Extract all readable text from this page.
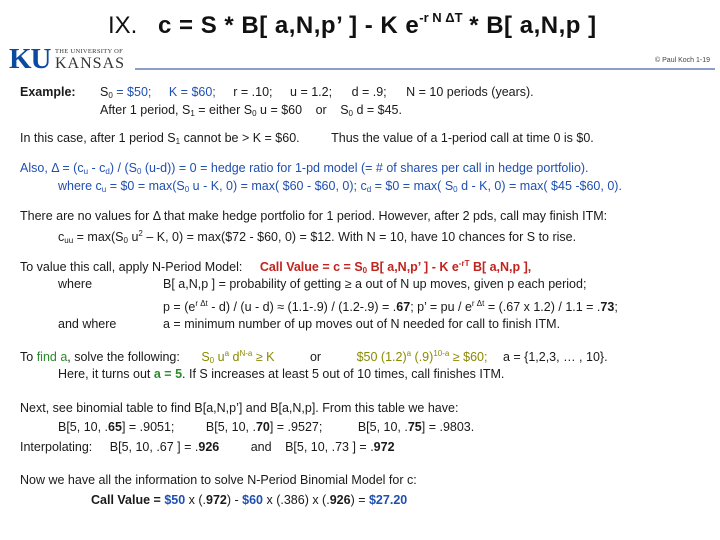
IX. c = S * B[ a,N,p’ ] - K $e^{-r N \Delta T} * B$[ a,N,p ]
KU THE UNIVERSITY OF
KANSAS	© Paul Koch 1-19
Example: $S_0$ = $50; K = $60; r = .10; u = 1.2; d = .9; N = 10 periods (years).
After 1 period, $S_1$ = either $S_0$ u = $60 or $S_0$ d = $45.
In this case, after 1 period $S_1$ cannot be > K = $60.	Thus the value of a 1-period call at time 0 is $0.
Also, $\Delta = (c_u - c_d) / (S_0$ (u-d)) = 0 = hedge ratio for 1-pd model (= # of shares per call in hedge portfolio).
where $c_u$ = $0 = $\max(S_0$ u - K, 0) = max( $60 - $60, 0); $c_d$ = $0 = max( $S_0$ d - K, 0) = max( $45 -$60, 0).
There are no values for Δ that make hedge portfolio for 1 period. However, after 2 pds, call may finish ITM:
$c_{uu} = \max(S_0$ $u^2$ – K, 0) = max($72 - $60, 0) = $12. With N = 10, have 10 chances for S to rise.
To value this call, apply N-Period Model: Call Value = $c = S_0$ B[ a,N,p’ ] - K $e^{-rT}$ B[ a,N,p ],
where	B[ a,N,p ] = probability of getting ≥ a out of N up moves, given p each period;
$p = (e^{r \Delta t} - d) / (u - d) \approx (1.1-.9) / (1.2-.9) = .67$; p’ = pu / $e^{r \Delta t} = (.67$ x 1.2) / 1.1 = .73;
and where	a = minimum number of up moves out of N needed for call to finish ITM.
To find a, solve the following: $S_0$ $u^a$ $d^{N-a} \ge K$	or	$50 $(1.2)^a$ $(.9)^{10-a}$ ≥ $60; a = {1,2,3, … , 10}.
Here, it turns out a = 5. If S increases at least 5 out of 10 times, call finishes ITM.
Next, see binomial table to find B[a,N,p’] and B[a,N,p]. From this table we have:
B[5, 10, .65] = .9051;	B[5, 10, .70] = .9527;	B[5, 10, .75] = .9803.
Interpolating: B[5, 10, .67 ] = .926	and B[5, 10, .73 ] = .972
Now we have all the information to solve N-Period Binomial Model for c:
Call Value = $50 x (.972) - $60 x (.386) x (.926) = $27.20
